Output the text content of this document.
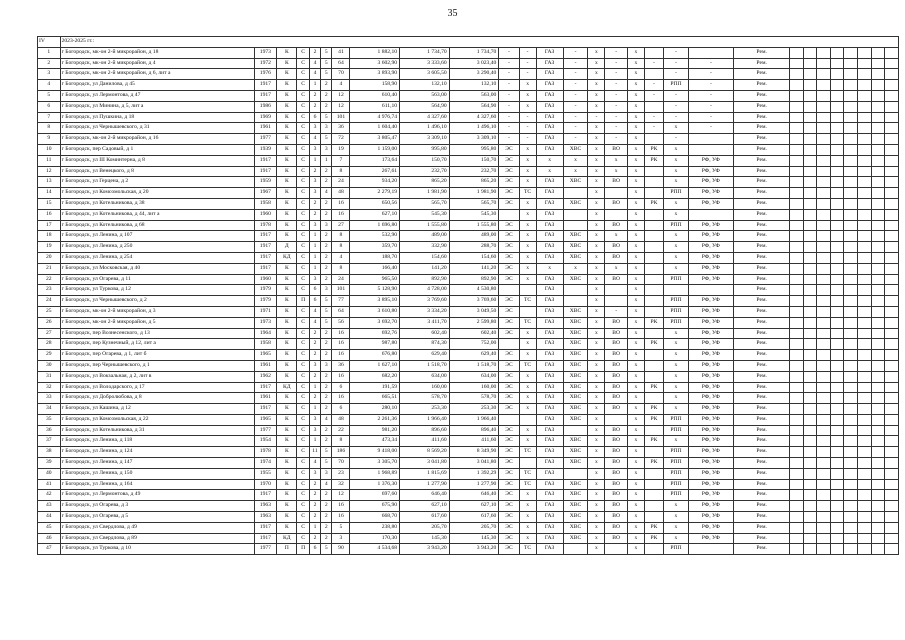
35
IV	2023-2025 гг.:																												
1	г Богородск, мк-он 2-й микрорайон, д 18	1973	К	С	2	5	41	1 882,10	1 734,70	1 734,70	-	-	ГАЗ	-	х	-	х		-		Рем.								
2	г Богородск, мк-он 2-й микрорайон, д 4	1972	К	С	4	5	64	3 602,90	3 333,60	3 023,40	-	-	ГАЗ	-	х	-	х	-	-	-	Рем.								
3	г Богородск, мк-он 2-й микрорайон, д 6, лит а	1976	К	С	4	5	70	3 893,90	3 605,50	3 290,40	-	-	ГАЗ	-	х	-	х		-	-	Рем.								
4	г Богородск, ул Данилова, д 45	1917	К	С	1	2	4	158,90	132,10	132,10	-	х	ГАЗ	-	х	-	х	-	РПП	-	Рем.								
5	г Богородск, ул Лермонтова, д 47	1917	К	С	2	2	12	610,40	563,00	563,00	-	х	ГАЗ	-	х	-	х	-	-	-	Рем.								
6	г Богородск, ул Мининa, д 5, лит а	1986	К	С	2	2	12	611,10	564,90	564,90	-	х	ГАЗ	-	х	-	х		-	-	Рем.								
7	г Богородск, ул Пушкина, д 18	1969	К	С	6	5	101	4 976,74	4 327,60	4 327,60	-	-	ГАЗ	-	-	-	х	-	-	-	Рем.								
8	г Богородск, ул Чернышевского, д 31	1961	К	С	3	3	36	1 604,40	1 496,10	1 496,10	-	-	ГАЗ	-	х	-	х	-	х	-	Рем.								
9	г Богородск, мк-он 2-й микрорайон, д 16	1977	К	С	4	5	72	3 805,47	3 309,10	3 309,10	-	-	ГАЗ	-	х	-	х		-		Рем.								
10	г Богородск, пер Садовый, д 1	1939	К	С	3	3	19	1 159,00	995,80	995,80	ЭС	х	ГАЗ	ХВС	х	ВО	х	РК	х		Рем.								
11	г Богородск, ул III Коминтерна, д 8	1917	К	С	1	1	7	173,64	150,70	150,70	ЭС	х	х	х	х	х	х	РК	х	РФ, УФ	Рем.								
12	г Богородск, ул Венецкого, д 8	1917	К	С	2	2	8	267,61	232,70	232,70	ЭС	х	х	х	х	х	х		х	РФ, УФ	Рем.								
13	г Богородск, ул Герцена, д 2	1959	К	С	3	2	24	934,20	865,20	865,20	ЭС	х	ГАЗ	ХВС	х	ВО	х		х	РФ, УФ	Рем.								
14	г Богородск, ул Комсомольская, д 20	1967	К	С	3	4	48	2 279,19	1 981,90	1 981,90	ЭС	ТС	ГАЗ		х		х		РПП	РФ, УФ	Рем.								
15	г Богородск, ул Котельникова, д 38	1958	К	С	2	2	16	650,56	565,70	565,70	ЭС	х	ГАЗ	ХВС	х	ВО	х	РК	х	РФ, УФ	Рем.								
16	г Богородск, ул Котельникова, д 44, лит а	1960	К	С	2	2	16	627,10	545,30	545,30		х	ГАЗ		х		х		х		Рем.								
17	г Богородск, ул Котельникова, д 68	1978	К	С	3	3	27	1 696,80	1 555,80	1 555,80	ЭС	х	ГАЗ		х	ВО	х		РПП	РФ, УФ	Рем.								
18	г Богородск, ул Ленина, д 107	1917	К	С	1	2	8	532,90	489,00	489,00	ЭС	х	ГАЗ	ХВС	х	х	х		х	РФ, УФ	Рем.								
19	г Богородск, ул Ленина, д 250	1917	Д	С	1	2	8	359,70	332,90	288,70	ЭС	х	ГАЗ	ХВС	х	ВО	х		х	РФ, УФ	Рем.								
20	г Богородск, ул Ленина, д 254	1917	КД	С	1	2	4	188,70	154,60	154,60	ЭС	х	ГАЗ	ХВС	х	ВО	х		х	РФ, УФ	Рем.								
21	г Богородск, ул Московская, д 40	1917	К	С	1	2	8	166,40	141,20	141,20	ЭС	х	х	х	х	х	х		х	РФ, УФ	Рем.								
22	г Богородск, ул Огарева, д 11	1960	К	С	3	2	24	965,50	892,90	892,90	ЭС	х	ГАЗ	ХВС	х	ВО	х		РПП	РФ, УФ	Рем.								
23	г Богородск, ул Туркова, д 12	1979	К	С	6	3	101	5 128,90	4 728,00	4 530,80			ГАЗ		х		х				Рем.								
24	г Богородск, ул Чернышевского, д 2	1979	К	П	6	5	77	3 895,10	3 769,60	3 769,60	ЭС	ТС	ГАЗ		х		х		РПП	РФ, УФ	Рем.								
25	г Богородск, мк-он 2-й микрорайон, д 3	1971	К	С	4	5	64	3 610,80	3 334,20	3 049,50	ЭС		ГАЗ	ХВС	х	-	х		РПП	РФ, УФ	Рем.								
26	г Богородск, мк-он 2-й микрорайон, д 5	1973	К	С	4	5	56	3 692,70	3 411,70	2 599,80	ЭС	ТС	ГАЗ	ХВС	х	ВО	х	РК	РПП	РФ, УФ	Рем.								
27	г Богородск, пер Вознесенского, д 13	1964	К	С	2	2	16	692,76	602,40	602,40	ЭС	х	ГАЗ	ХВС	х	ВО	х		х	РФ, УФ	Рем.								
28	г Богородск, пер Кузнечный, д 12, лит а	1958	К	С	2	2	16	987,80	874,30	752,00		х	ГАЗ	ХВС	х	ВО	х	РК	х	РФ, УФ	Рем.								
29	г Богородск, пер Огарева, д 1, лит б	1965	К	С	2	2	16	676,80	629,40	629,40	ЭС	х	ГАЗ	ХВС	х	ВО	х		х	РФ, УФ	Рем.								
30	г Богородск, пер Чернышевского, д 1	1961	К	С	3	3	36	1 627,10	1 518,70	1 518,70	ЭС	ТС	ГАЗ	ХВС	х	ВО	х		х	РФ, УФ	Рем.								
31	г Богородск, ул Вокзальная, д 2, лит в	1962	К	С	2	2	16	682,20	634,00	634,00	ЭС	х	ГАЗ	ХВС	х	ВО	х		х	РФ, УФ	Рем.								
32	г Богородск, ул Володарского, д 17	1917	КД	С	1	2	6	191,59	160,00	160,00	ЭС	х	ГАЗ	ХВС	х	ВО	х	РК	х	РФ, УФ	Рем.								
33	г Богородск, ул Добролюбова, д 8	1961	К	С	2	2	16	665,51	578,70	578,70	ЭС	х	ГАЗ	ХВС	х	ВО	х		х	РФ, УФ	Рем.								
34	г Богородск, ул Кашина, д 12	1917	К	С	1	2	6	280,10	253,30	253,30	ЭС	х	ГАЗ	ХВС	х	ВО	х	РК	х	РФ, УФ	Рем.								
35	г Богородск, ул Комсомольская, д 22	1965	К	С	3	4	48	2 261,36	1 966,40	1 966,40			ГАЗ	ХВС	х		х	РК	РПП	РФ, УФ	Рем.								
36	г Богородск, ул Котельникова, д 31	1977	К	С	3	2	22	981,20	896,60	896,40	ЭС	х	ГАЗ		х	ВО	х		РПП	РФ, УФ	Рем.								
37	г Богородск, ул Ленина, д 118	1954	К	С	1	2	8	473,34	411,60	411,60	ЭС	х	ГАЗ	ХВС	х	ВО	х	РК	х	РФ, УФ	Рем.								
38	г Богородск, ул Ленина, д 124	1978	К	С	11	5	186	9 418,00	8 569,20	8 349,90	ЭС	ТС	ГАЗ	ХВС	х	ВО	х		РПП	РФ, УФ	Рем.								
39	г Богородск, ул Ленина, д 147	1974	К	С	4	5	70	3 305,70	3 041,80	3 041,80	ЭС		ГАЗ	ХВС	х	ВО	х	РК	РПП	РФ, УФ	Рем.								
40	г Богородск, ул Ленина, д 150	1955	К	С	3	3	23	1 968,89	1 815,69	1 392,29	ЭС	ТС	ГАЗ		х	ВО	х		РПП	РФ, УФ	Рем.								
41	г Богородск, ул Ленина, д 164	1970	К	С	2	4	32	1 376,30	1 277,90	1 277,90	ЭС	ТС	ГАЗ	ХВС	х	ВО	х		РПП	РФ, УФ	Рем.								
42	г Богородск, ул Лермонтова, д 49	1917	К	С	2	2	12	697,60	646,40	646,40	ЭС	х	ГАЗ	ХВС	х	ВО	х		РПП	РФ, УФ	Рем.								
43	г Богородск, ул Огарева, д 3	1963	К	С	2	2	16	675,90	627,10	627,10	ЭС	х	ГАЗ	ХВС	х	ВО	х		х	РФ, УФ	Рем.								
44	г Богородск, ул Огарева, д 5	1963	К	С	2	2	16	668,70	617,60	617,60	ЭС	х	ГАЗ	ХВС	х	ВО	х		х	РФ, УФ	Рем.								
45	г Богородск, ул Свердлова, д 49	1917	К	С	1	2	5	238,80	205,70	205,70	ЭС	х	ГАЗ	ХВС	х	ВО	х	РК	х	РФ, УФ	Рем.								
46	г Богородск, ул Свердлова, д 89	1917	КД	С	2	2	3	170,30	145,30	145,30	ЭС	х	ГАЗ	ХВС	х	ВО	х	РК	х	РФ, УФ	Рем.								
47	г Богородск, ул Туркова, д 10	1977	П	П	6	5	90	4 534,68	3 943,20	3 943,20	ЭС	ТС	ГАЗ		х		х		РПП		Рем.								
